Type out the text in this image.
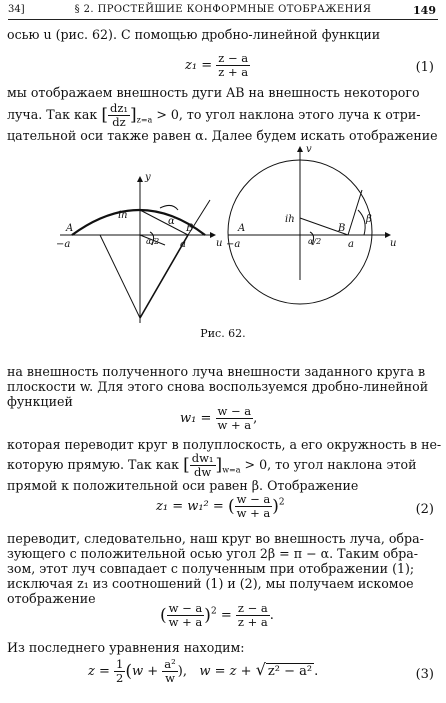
34]	§ 2. ПРОСТЕЙШИЕ КОНФОРМНЫЕ ОТОБРАЖЕНИЯ	149
осью u (рис. 62). С помощью дробно-линейной функции
$z_1 = \frac{z - a}{z + a}$	(1)
мы отображаем внешность дуги AB на внешность некоторого
луча. Так как [ $\frac{\text{dz₁}}{dz} ]_{z=a} > 0$, то угол наклона этого луча к отри-
цательной оси также равен α. Далее будем искать отображение
y
u
A
−a
ih
α
α/2 a
B
v
u
A
−a
ih
α/2
β
B
a
Рис. 62.
на внешность полученного луча внешности заданного круга в
плоскости w. Для этого снова воспользуемся дробно-линейной
функцией
$w_1 = \frac{w - a}{w + a}$ ,
которая переводит круг в полуплоскость, а его окружность в не-
которую прямую. Так как [ $\frac{\text{dw₁}}{dw} ]_{w=a} > 0$, то угол наклона этой
прямой к положительной оси равен β. Отображение
z₁ = w₁² = ( $\frac{w - a}{w + a} )^2$	(2)
переводит, следовательно, наш круг во внешность луча, обра-
зующего с положительной осью угол 2β = π − α. Таким обра-
зом, этот луч совпадает с полученным при отображении (1);
исключая z₁ из соотношений (1) и (2), мы получаем искомое
отображение
( $\frac{w - a}{w + a} )^2 = \frac{z - a}{z + a}$ .
Из последнего уравнения находим:
$z = \frac{1}{2} (w + \frac{\text{a²}}{w}$ ), w = z + √ z² − a² .	(3)
